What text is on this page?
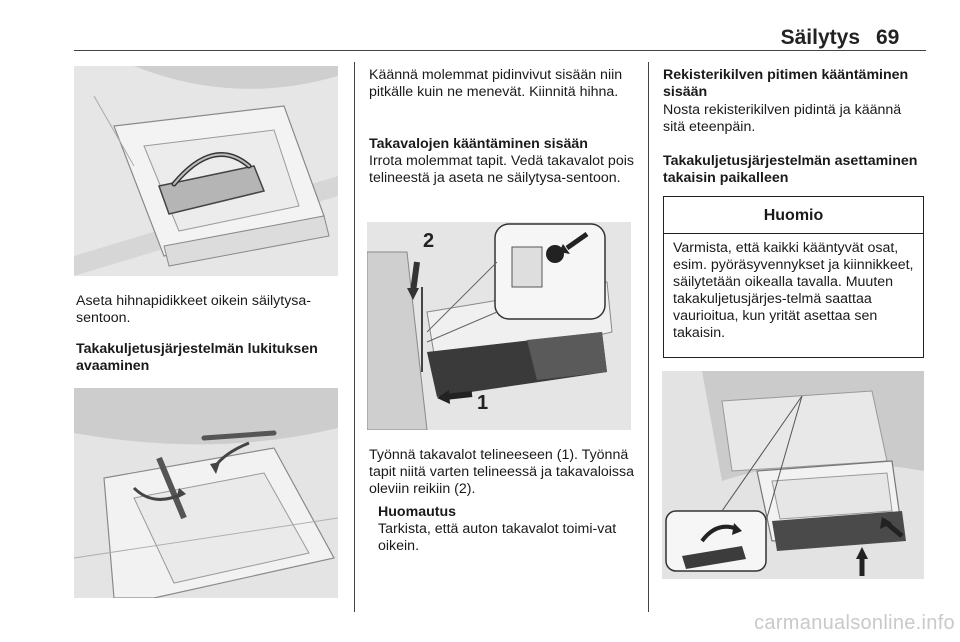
Säilytys 69

Aseta hihnapidikkeet oikein säilytysa-sentoon.

Takakuljetusjärjestelmän lukituksen avaaminen

Käännä molemmat pidinvivut sisään niin pitkälle kuin ne menevät. Kiinnitä hihna.

Takavalojen kääntäminen sisään

Irrota molemmat tapit. Vedä takavalot pois telineestä ja aseta ne säilytysa-sentoon.

2
1

Työnnä takavalot telineeseen (1). Työnnä tapit niitä varten telineessä ja takavaloissa oleviin reikiin (2).

Huomautus

Tarkista, että auton takavalot toimi-vat oikein.

Rekisterikilven pitimen kääntäminen sisään

Nosta rekisterikilven pidintä ja käännä sitä eteenpäin.

Takakuljetusjärjestelmän asettaminen takaisin paikalleen
Huomio
Varmista, että kaikki kääntyvät osat, esim. pyöräsyvennykset ja kiinnikkeet, säilytetään oikealla tavalla. Muuten takakuljetusjärjes-telmä saattaa vaurioitua, kun yrität asettaa sen takaisin.
carmanualsonline.info
